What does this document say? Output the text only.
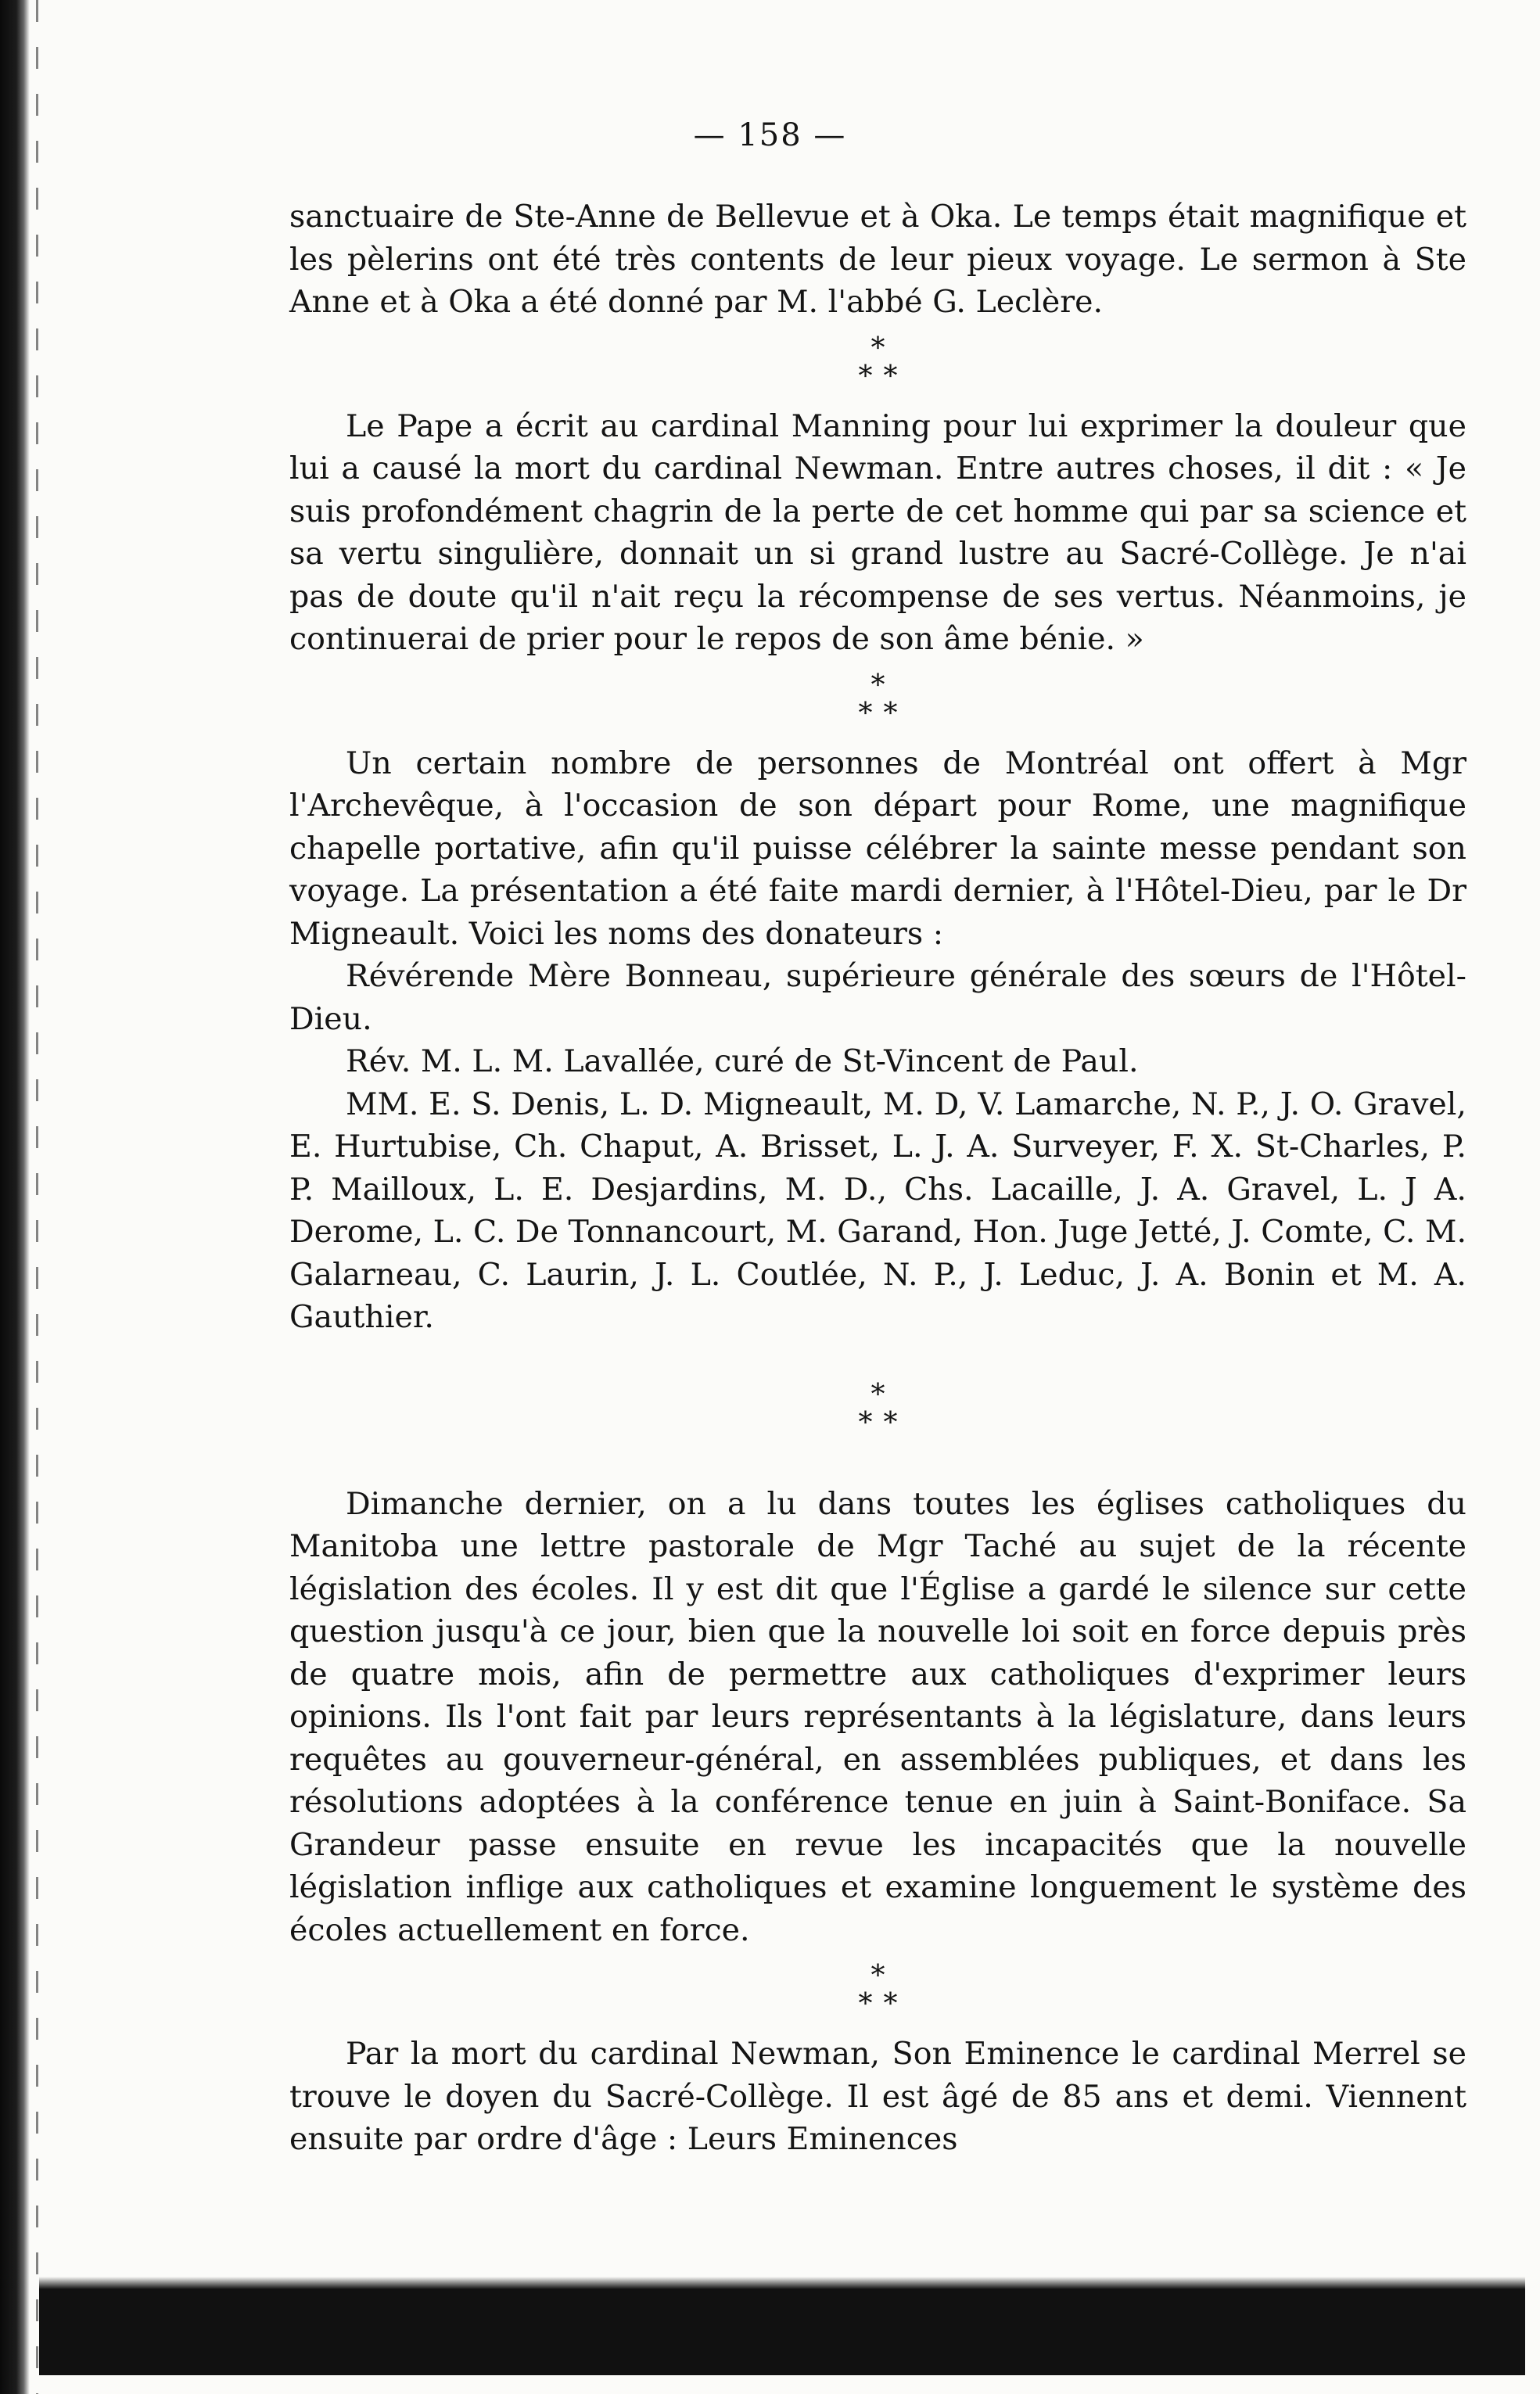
— 158 —

sanctuaire de Ste-Anne de Bellevue et à Oka. Le temps était magnifique et les pèlerins ont été très contents de leur pieux voyage. Le sermon à Ste Anne et à Oka a été donné par M. l'abbé G. Leclère.

*
**

Le Pape a écrit au cardinal Manning pour lui exprimer la douleur que lui a causé la mort du cardinal Newman. Entre autres choses, il dit : « Je suis profondément chagrin de la perte de cet homme qui par sa science et sa vertu singulière, donnait un si grand lustre au Sacré-Collège. Je n'ai pas de doute qu'il n'ait reçu la récompense de ses vertus. Néanmoins, je continuerai de prier pour le repos de son âme bénie. »

*
**

Un certain nombre de personnes de Montréal ont offert à Mgr l'Archevêque, à l'occasion de son départ pour Rome, une magnifique chapelle portative, afin qu'il puisse célébrer la sainte messe pendant son voyage. La présentation a été faite mardi dernier, à l'Hôtel-Dieu, par le Dr Migneault. Voici les noms des donateurs :

Révérende Mère Bonneau, supérieure générale des sœurs de l'Hôtel-Dieu.

Rév. M. L. M. Lavallée, curé de St-Vincent de Paul.

MM. E. S. Denis, L. D. Migneault, M. D, V. Lamarche, N. P., J. O. Gravel, E. Hurtubise, Ch. Chaput, A. Brisset, L. J. A. Surveyer, F. X. St-Charles, P. P. Mailloux, L. E. Desjardins, M. D., Chs. Lacaille, J. A. Gravel, L. J A. Derome, L. C. De Tonnancourt, M. Garand, Hon. Juge Jetté, J. Comte, C. M. Galarneau, C. Laurin, J. L. Coutlée, N. P., J. Leduc, J. A. Bonin et M. A. Gauthier.

*
**

Dimanche dernier, on a lu dans toutes les églises catholiques du Manitoba une lettre pastorale de Mgr Taché au sujet de la récente législation des écoles. Il y est dit que l'Église a gardé le silence sur cette question jusqu'à ce jour, bien que la nouvelle loi soit en force depuis près de quatre mois, afin de permettre aux catholiques d'exprimer leurs opinions. Ils l'ont fait par leurs représentants à la législature, dans leurs requêtes au gouverneur-général, en assemblées publiques, et dans les résolutions adoptées à la conférence tenue en juin à Saint-Boniface. Sa Grandeur passe ensuite en revue les incapacités que la nouvelle législation inflige aux catholiques et examine longuement le système des écoles actuellement en force.

*
**

Par la mort du cardinal Newman, Son Eminence le cardinal Merrel se trouve le doyen du Sacré-Collège. Il est âgé de 85 ans et demi. Viennent ensuite par ordre d'âge : Leurs Eminences
